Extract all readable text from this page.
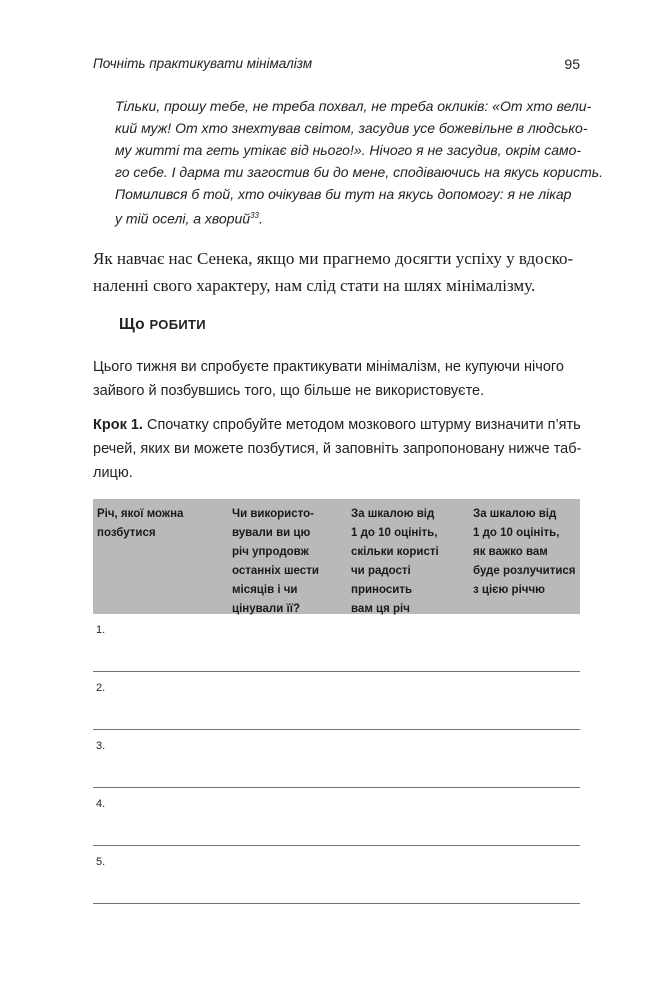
Почніть практикувати мінімалізм	95
Тільки, прошу тебе, не треба похвал, не треба окликів: «От хто вели-
кий муж! От хто знехтував світом, засудив усе божевільне в людсько-
му житті та геть утікає від нього!». Нічого я не засудив, окрім само-
го себе. І дарма ти загостив би до мене, сподіваючись на якусь користь.
Помилився б той, хто очікував би тут на якусь допомогу: я не лікар
у тій оселі, а хворий$^{33}$.
Як навчає нас Сенека, якщо ми прагнемо досягти успіху у вдоско-
наленні свого характеру, нам слід стати на шлях мінімалізму.
Що РОБИТИ
Цього тижня ви спробуєте практикувати мінімалізм, не купуючи нічого
зайвого й позбувшись того, що більше не використовуєте.
Крок 1. Спочатку спробуйте методом мозкового штурму визначити п’ять
речей, яких ви можете позбутися, й заповніть запропоновану нижче таб-
лицю.
Річ, якої можна
позбутися
Чи використо-
вували ви цю
річ упродовж
останніх шести
місяців і чи
цінували її?
За шкалою від
1 до 10 оцініть,
скільки користі
чи радості
приносить
вам ця річ
За шкалою від
1 до 10 оцініть,
як важко вам
буде розлучитися
з цією річчю
1.
2.
3.
4.
5.
